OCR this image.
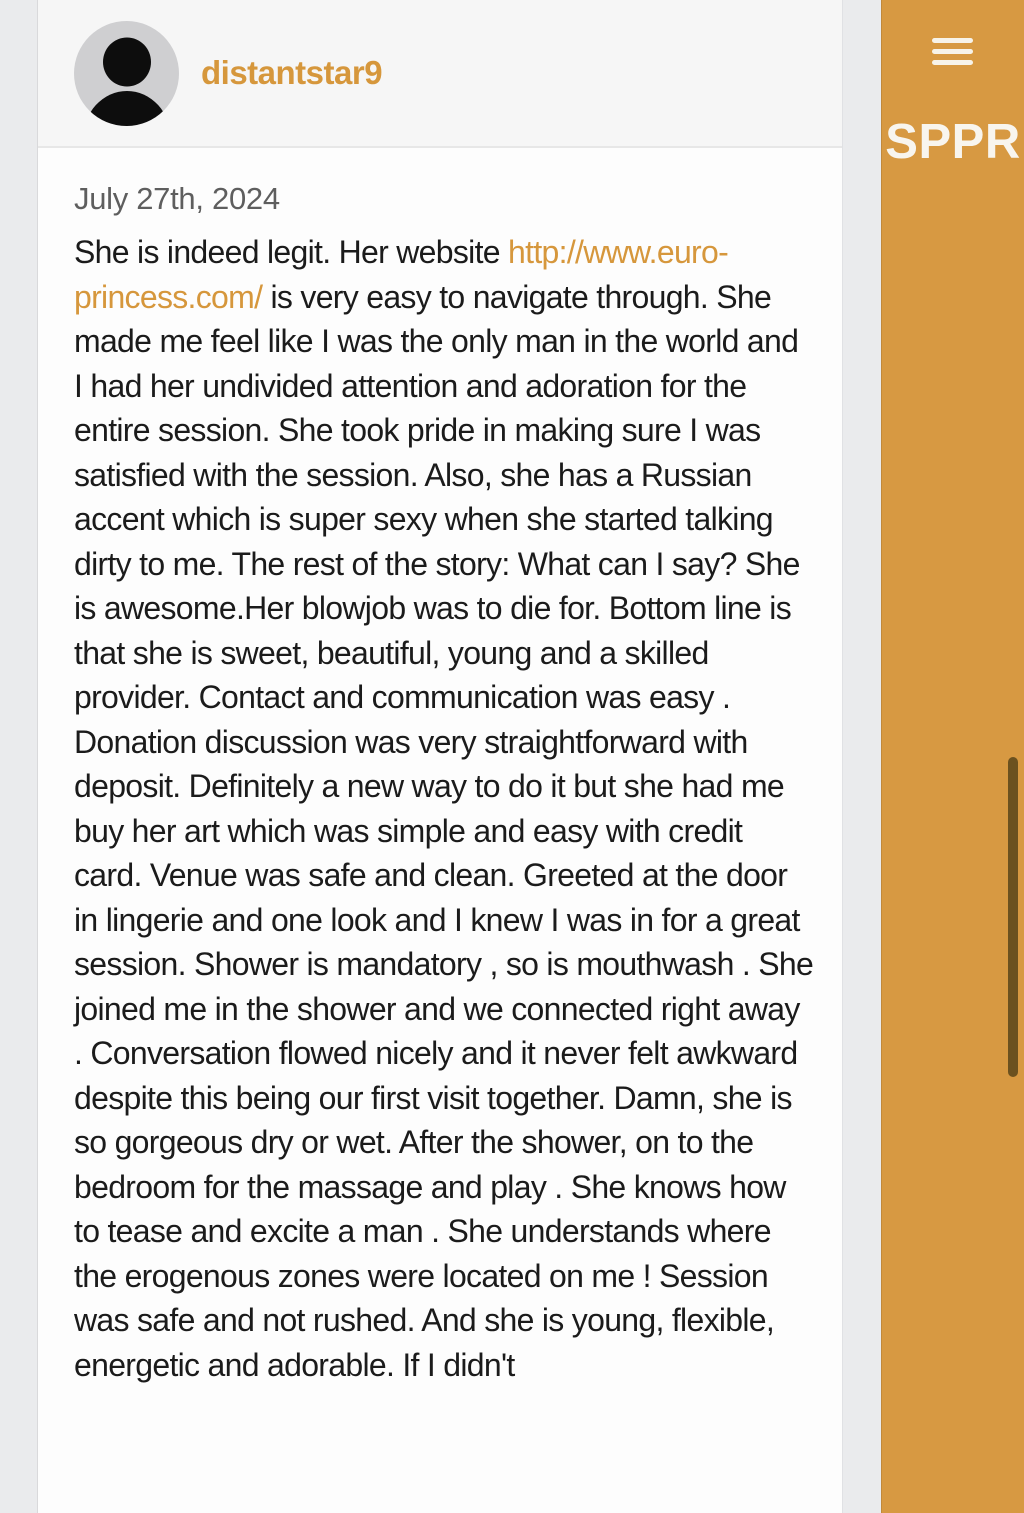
distantstar9
July 27th, 2024

She is indeed legit. Her website http://www.euro-princess.com/ is very easy to navigate through. She made me feel like I was the only man in the world and I had her undivided attention and adoration for the entire session. She took pride in making sure I was satisfied with the session. Also, she has a Russian accent which is super sexy when she started talking dirty to me. The rest of the story: What can I say? She is awesome.Her blowjob was to die for. Bottom line is that she is sweet, beautiful, young and a skilled provider. Contact and communication was easy . Donation discussion was very straightforward with deposit. Definitely a new way to do it but she had me buy her art which was simple and easy with credit card. Venue was safe and clean. Greeted at the door in lingerie and one look and I knew I was in for a great session. Shower is mandatory , so is mouthwash . She joined me in the shower and we connected right away . Conversation flowed nicely and it never felt awkward despite this being our first visit together. Damn, she is so gorgeous dry or wet. After the shower, on to the bedroom for the massage and play . She knows how to tease and excite a man . She understands where the erogenous zones were located on me ! Session was safe and not rushed. And she is young, flexible, energetic and adorable. If I didn't

SPPR
